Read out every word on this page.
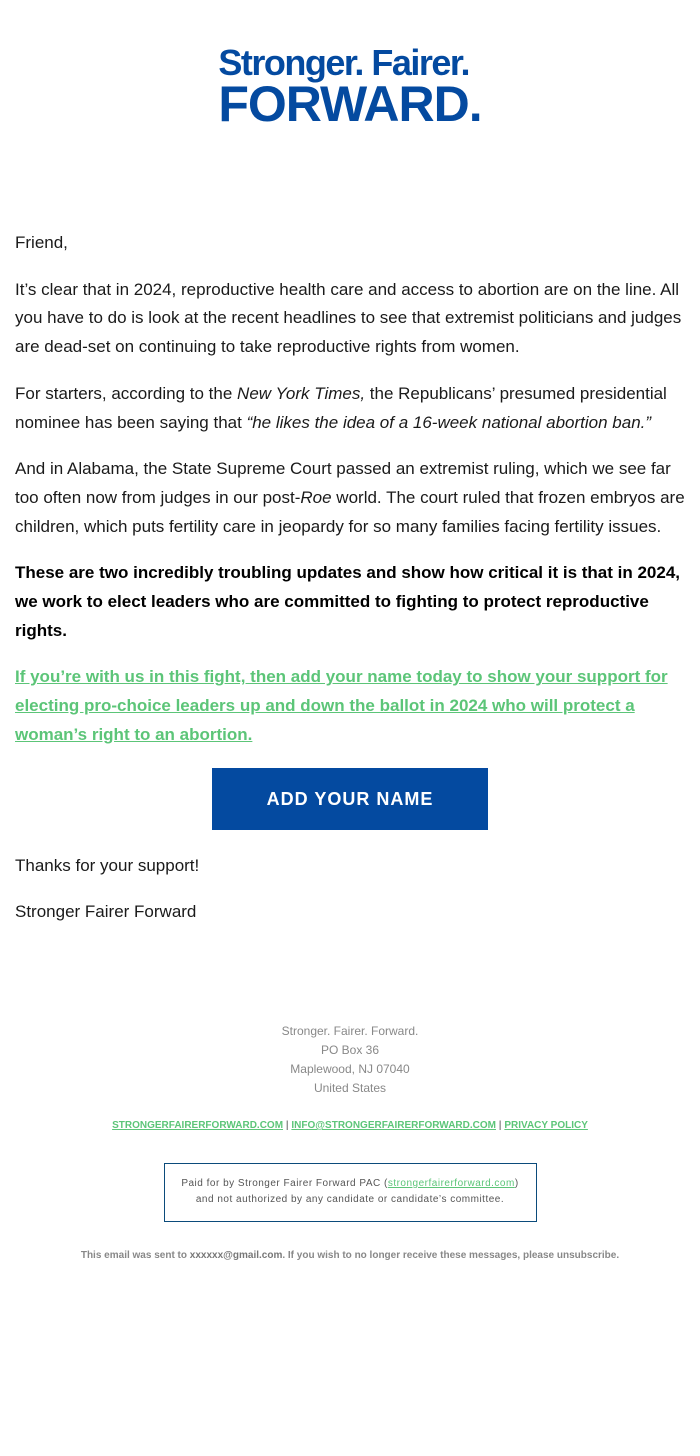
Stronger. Fairer.
FORWARD.

Friend,

It’s clear that in 2024, reproductive health care and access to abortion are on the line. All you have to do is look at the recent headlines to see that extremist politicians and judges are dead-set on continuing to take reproductive rights from women.

For starters, according to the New York Times, the Republicans’ presumed presidential nominee has been saying that “he likes the idea of a 16-week national abortion ban.”

And in Alabama, the State Supreme Court passed an extremist ruling, which we see far too often now from judges in our post-Roe world. The court ruled that frozen embryos are children, which puts fertility care in jeopardy for so many families facing fertility issues.

These are two incredibly troubling updates and show how critical it is that in 2024, we work to elect leaders who are committed to fighting to protect reproductive rights.

If you’re with us in this fight, then add your name today to show your support for electing pro-choice leaders up and down the ballot in 2024 who will protect a woman’s right to an abortion.

ADD YOUR NAME

Thanks for your support!

Stronger Fairer Forward

Stronger. Fairer. Forward.
PO Box 36
Maplewood, NJ 07040
United States
STRONGERFAIRERFORWARD.COM | INFO@STRONGERFAIRERFORWARD.COM | PRIVACY POLICY
Paid for by Stronger Fairer Forward PAC (strongerfairerforward.com)
and not authorized by any candidate or candidate’s committee.
This email was sent to xxxxxx@gmail.com. If you wish to no longer receive these messages, please unsubscribe.
